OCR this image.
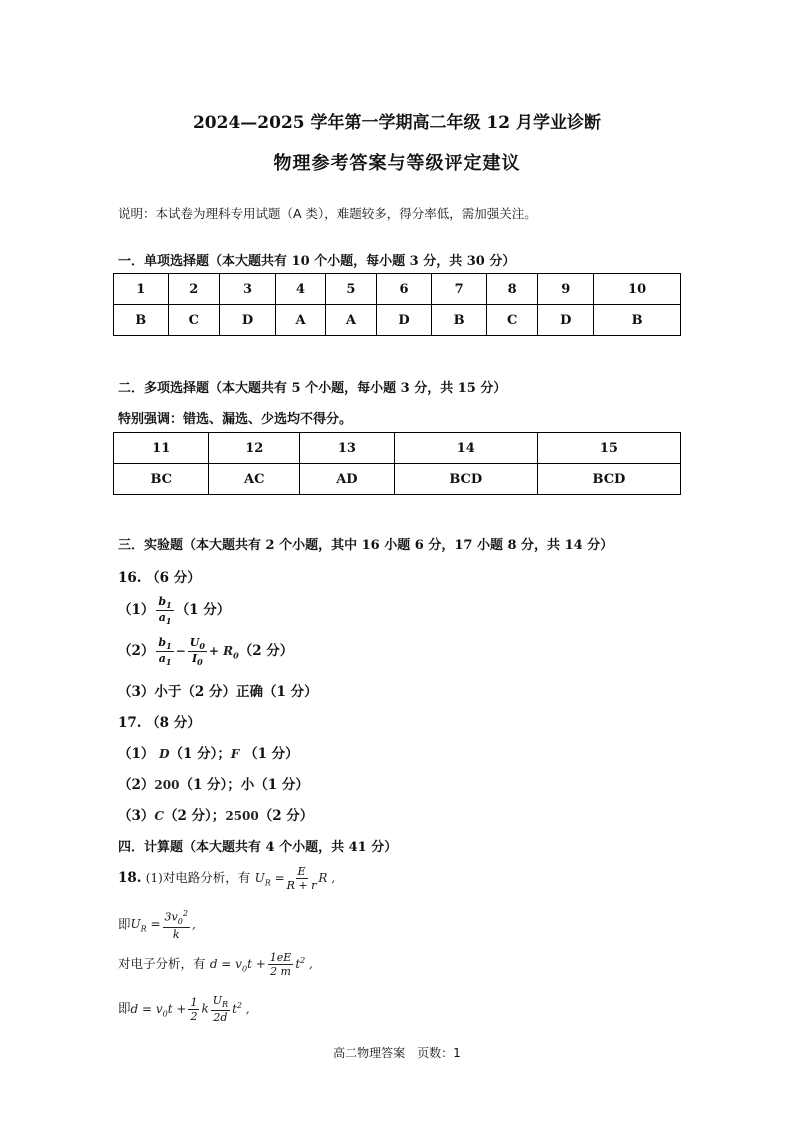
2024—2025 学年第一学期高二年级 12 月学业诊断
物理参考答案与等级评定建议
说明：本试卷为理科专用试题（A 类），难题较多，得分率低，需加强关注。
一．单项选择题（本大题共有 10 个小题，每小题 3 分，共 30 分）
1	2	3	4	5	6	7	8	9	10
B	C	D	A	A	D	B	C	D	B
二．多项选择题（本大题共有 5 个小题，每小题 3 分，共 15 分）
特别强调：错选、漏选、少选均不得分。
11	12	13	14	15
BC	AC	AD	BCD	BCD
三．实验题（本大题共有 2 个小题，其中 16 小题 6 分，17 小题 8 分，共 14 分）
16. （6 分）
$(1) \frac{b_1}{a_1} (1$ 分）
$(2) \frac{b_1}{a_1} - \frac{U_0}{I_0} + R_0(2$ 分）
（3）小于（2 分）正确（1 分）
17. （8 分）
（1） D（1 分）；F （1 分）
（2）200（1 分）；小（1 分）
（3）C（2 分）；2500（2 分）
四．计算题（本大题共有 4 个小题，共 41 分）
18. (1)对电路分析，有 $U_R = \frac{E}{R + r}$ R ,
即$U_R = \frac{3v_0^2}{k}$ ,
对电子分析，有 $d = v_0t + \frac{1eE}{2 m} t^2$ ,
即$d = v_0t + \frac{1}{2}$ k $\frac{U_R}{2d} t^2$ ,
高二物理答案　页数：1
